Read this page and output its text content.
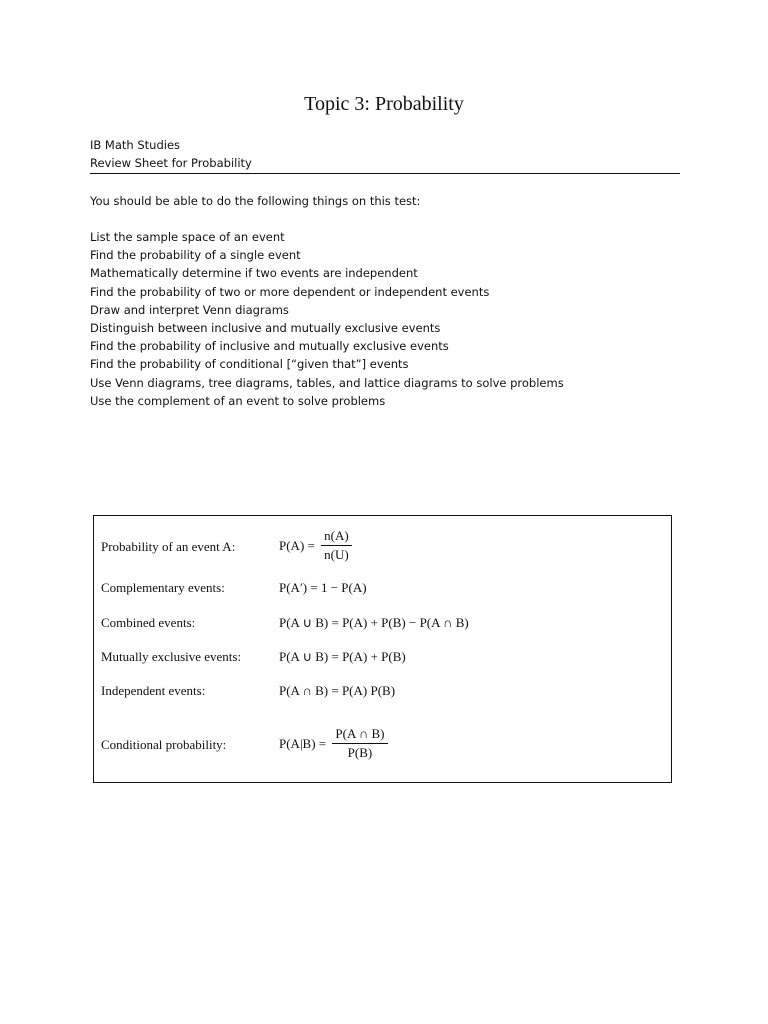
Topic 3: Probability
IB Math Studies
Review Sheet for Probability
You should be able to do the following things on this test:
List the sample space of an event
Find the probability of a single event
Mathematically determine if two events are independent
Find the probability of two or more dependent or independent events
Draw and interpret Venn diagrams
Distinguish between inclusive and mutually exclusive events
Find the probability of inclusive and mutually exclusive events
Find the probability of conditional [“given that”] events
Use Venn diagrams, tree diagrams, tables, and lattice diagrams to solve problems
Use the complement of an event to solve problems
Probability of an event A:	$P(A) = \frac{n(A)}{n(U)}$
Complementary events:	P(A′) = 1 − P(A)
Combined events:	P(A ∪ B) = P(A) + P(B) − P(A ∩ B)
Mutually exclusive events:	P(A ∪ B) = P(A) + P(B)
Independent events:	P(A ∩ B) = P(A) P(B)
Conditional probability:	$P(A|B) = \frac{P(A \cap B)}{P(B)}$
